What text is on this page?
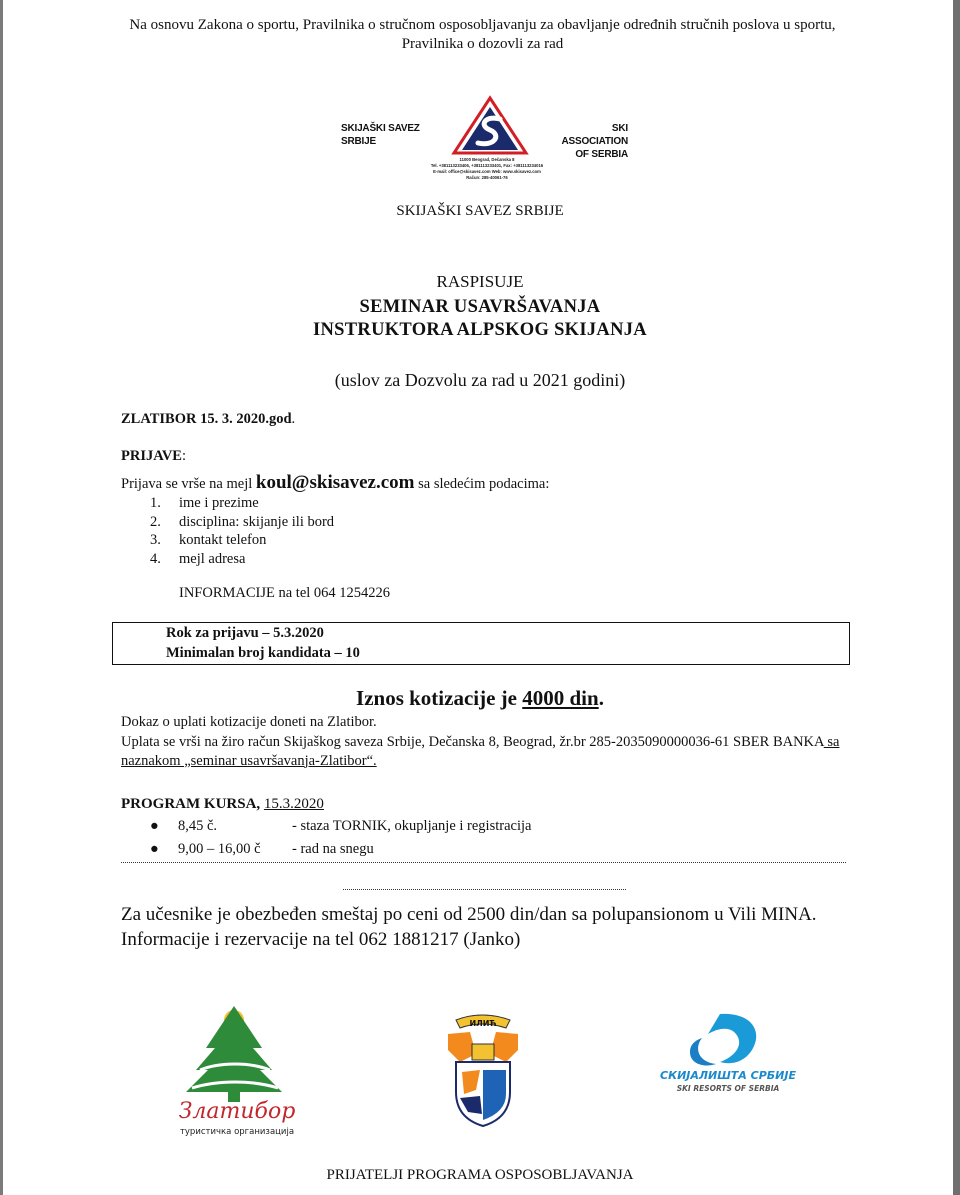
Na osnovu Zakona o sportu, Pravilnika o stručnom osposobljavanju za obavljanje određnih stručnih poslova u sportu, Pravilnika o dozovli za rad
SKIJAŠKI SAVEZ
SRBIJE
SKI ASSOCIATION
OF SERBIA
11000 Beograd, Dečanska 8
Tel. +381113233406, +381113233401, Fax: +381113234016
E-mail: office@skisavez.com Web: www.skisavez.com
Račun: 285-40061-76
SKIJAŠKI SAVEZ SRBIJE
RASPISUJE
SEMINAR USAVRŠAVANJA
INSTRUKTORA ALPSKOG SKIJANJA
(uslov za Dozvolu za rad u 2021 godini)
ZLATIBOR 15. 3. 2020.god.
PRIJAVE:
Prijava se vrše na mejl koul@skisavez.com sa sledećim podacima:
1. ime i prezime
2. disciplina: skijanje ili bord
3. kontakt telefon
4. mejl adresa
INFORMACIJE na tel 064 1254226
Rok za prijavu – 5.3.2020
Minimalan broj kandidata – 10
Iznos kotizacije je 4000 din.
Dokaz o uplati kotizacije doneti na Zlatibor.
Uplata se vrši na žiro račun Skijaškog saveza Srbije, Dečanska 8, Beograd, žr.br 285-2035090000036-61 SBER BANKA sa naznakom „seminar usavršavanja-Zlatibor“.
PROGRAM KURSA, 15.3.2020
● 8,45 č.	- staza TORNIK, okupljanje i registracija
● 9,00 – 16,00 č - rad na snegu
Za učesnike je obezbeđen smeštaj po ceni od 2500 din/dan sa polupansionom u Vili MINA. Informacije i rezervacije na tel 062 1881217 (Janko)
Златибор
туристичка организација
ИЛИЋ
СКИЈАЛИШТА СРБИЈЕ
SKI RESORTS OF SERBIA
PRIJATELJI PROGRAMA OSPOSOBLJAVANJA
